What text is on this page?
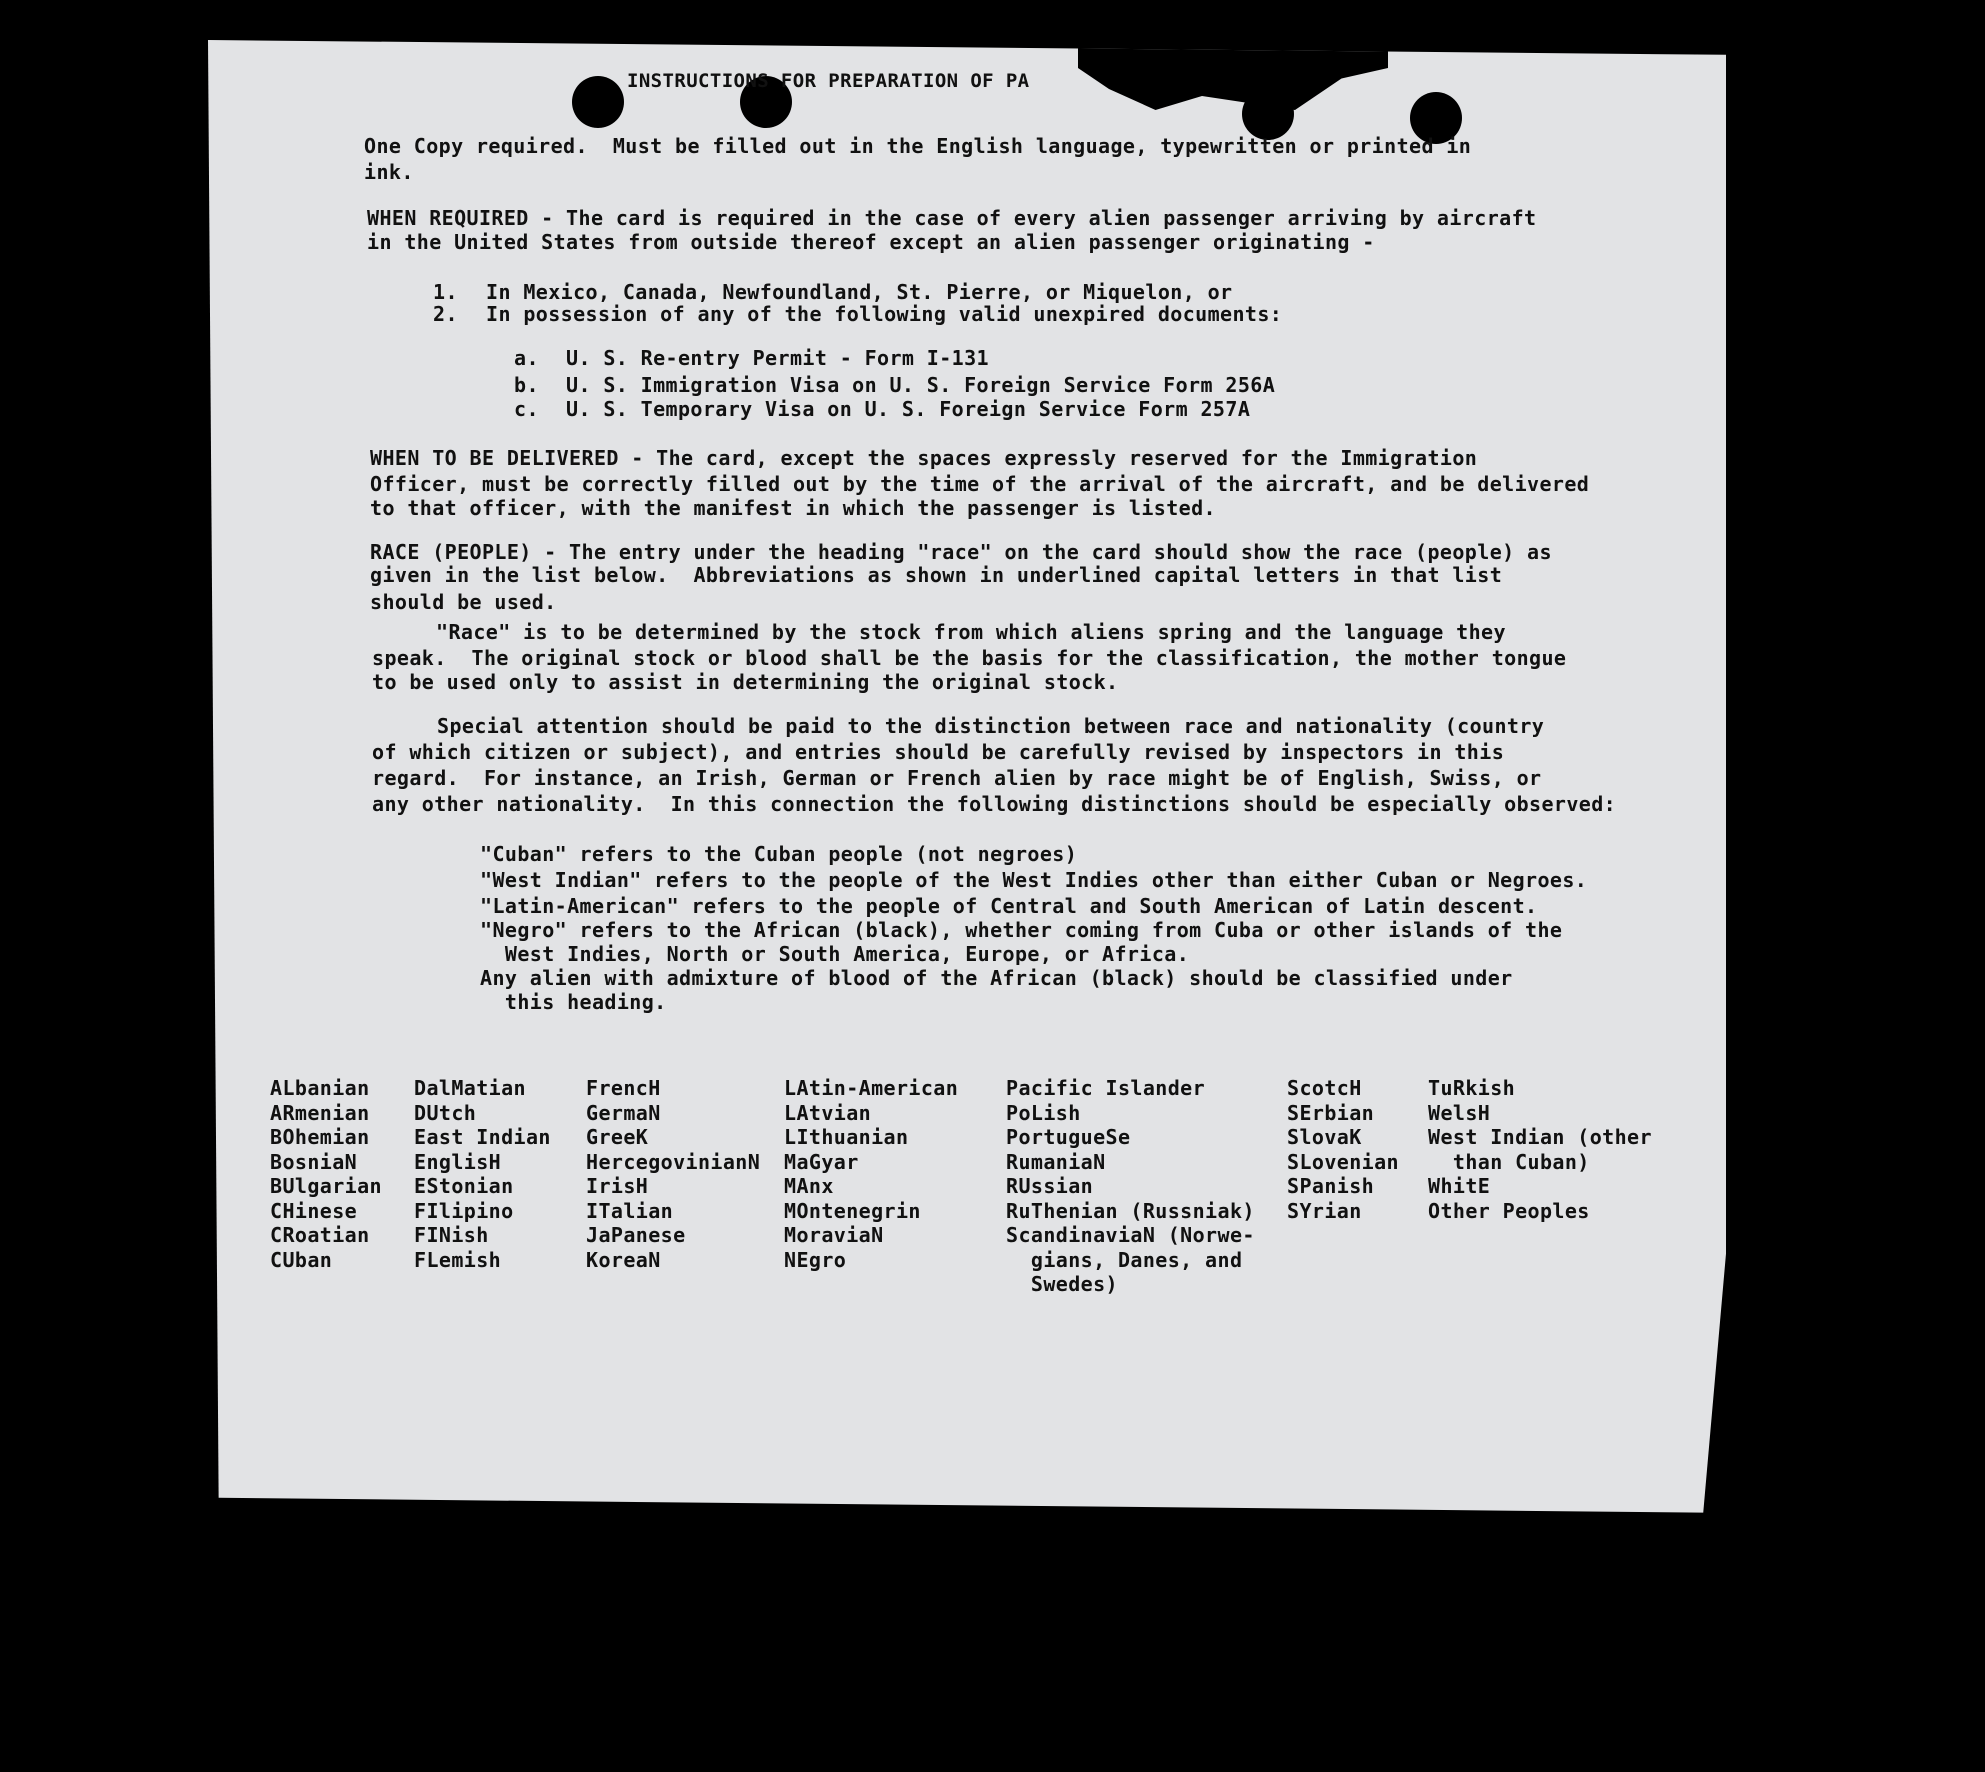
INSTRUCTIONS FOR PREPARATION OF PA
One Copy required.  Must be filled out in the English language, typewritten or printed in
ink.
WHEN REQUIRED - The card is required in the case of every alien passenger arriving by aircraft
in the United States from outside thereof except an alien passenger originating -
1. In Mexico, Canada, Newfoundland, St. Pierre, or Miquelon, or
2. In possession of any of the following valid unexpired documents:
a. U. S. Re-entry Permit - Form I-131
b. U. S. Immigration Visa on U. S. Foreign Service Form 256A
c. U. S. Temporary Visa on U. S. Foreign Service Form 257A
WHEN TO BE DELIVERED - The card, except the spaces expressly reserved for the Immigration
Officer, must be correctly filled out by the time of the arrival of the aircraft, and be delivered
to that officer, with the manifest in which the passenger is listed.
RACE (PEOPLE) - The entry under the heading "race" on the card should show the race (people) as
given in the list below.  Abbreviations as shown in underlined capital letters in that list
should be used.
"Race" is to be determined by the stock from which aliens spring and the language they
speak.  The original stock or blood shall be the basis for the classification, the mother tongue
to be used only to assist in determining the original stock.
Special attention should be paid to the distinction between race and nationality (country
of which citizen or subject), and entries should be carefully revised by inspectors in this
regard.  For instance, an Irish, German or French alien by race might be of English, Swiss, or
any other nationality.  In this connection the following distinctions should be especially observed:
"Cuban" refers to the Cuban people (not negroes)
"West Indian" refers to the people of the West Indies other than either Cuban or Negroes.
"Latin-American" refers to the people of Central and South American of Latin descent.
"Negro" refers to the African (black), whether coming from Cuba or other islands of the
West Indies, North or South America, Europe, or Africa.
Any alien with admixture of blood of the African (black) should be classified under
this heading.
ALbanian
ARmenian
BOhemian
BosniaN
BUlgarian
CHinese
CRoatian
CUban
DalMatian
DUtch
East Indian
EnglisH
EStonian
FIlipino
FINish
FLemish
FrencH
GermaN
GreeK
HercegovinianN
IrisH
ITalian
JaPanese
KoreaN
LAtin-American
LAtvian
LIthuanian
MaGyar
MAnx
MOntenegrin
MoraviaN
NEgro
Pacific Islander
PoLish
PortugueSe
RumaniaN
RUssian
RuThenian (Russniak)
ScandinaviaN (Norwe-
gians, Danes, and
Swedes)
ScotcH
SErbian
SlovaK
SLovenian
SPanish
SYrian
TuRkish
WelsH
West Indian (other
than Cuban)
WhitE
Other Peoples
